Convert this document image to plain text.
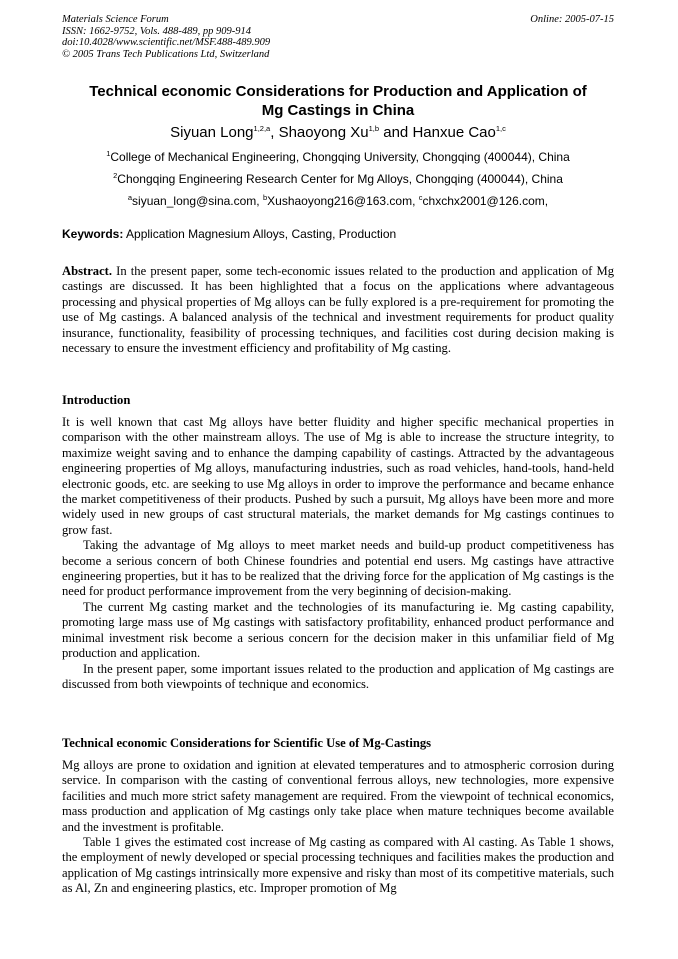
Materials Science Forum
ISSN: 1662-9752, Vols. 488-489, pp 909-914
doi:10.4028/www.scientific.net/MSF.488-489.909
© 2005 Trans Tech Publications Ltd, Switzerland
Online: 2005-07-15
Technical economic Considerations for Production and Application of
Mg Castings in China
Siyuan Long$^{1,2,a}$, Shaoyong Xu$^{1,b}$ and Hanxue Cao$^{1,c}$
$^1$College of Mechanical Engineering, Chongqing University, Chongqing (400044), China
$^2$Chongqing Engineering Research Center for Mg Alloys, Chongqing (400044), China
$^a$siyuan_long@sina.com, $^b$Xushaoyong216@163.com, $^c$chxchx2001@126.com,
Keywords: Application Magnesium Alloys, Casting, Production
Abstract. In the present paper, some tech-economic issues related to the production and application of Mg castings are discussed. It has been highlighted that a focus on the applications where advantageous processing and physical properties of Mg alloys can be fully explored is a pre-requirement for promoting the use of Mg castings. A balanced analysis of the technical and investment requirements for product quality insurance, functionality, feasibility of processing techniques, and facilities cost during decision making is necessary to ensure the investment efficiency and profitability of Mg casting.
Introduction

It is well known that cast Mg alloys have better fluidity and higher specific mechanical properties in comparison with the other mainstream alloys. The use of Mg is able to increase the structure integrity, to maximize weight saving and to enhance the damping capability of castings. Attracted by the advantageous engineering properties of Mg alloys, manufacturing industries, such as road vehicles, hand-tools, hand-held electronic goods, etc. are seeking to use Mg alloys in order to improve the performance and became enhance the market competitiveness of their products. Pushed by such a pursuit, Mg alloys have been more and more widely used in new groups of cast structural materials, the market demands for Mg castings continues to grow fast.

Taking the advantage of Mg alloys to meet market needs and build-up product competitiveness has become a serious concern of both Chinese foundries and potential end users. Mg castings have attractive engineering properties, but it has to be realized that the driving force for the application of Mg castings is the need for product performance improvement from the very beginning of decision-making.

The current Mg casting market and the technologies of its manufacturing ie. Mg casting capability, promoting large mass use of Mg castings with satisfactory profitability, enhanced product performance and minimal investment risk become a serious concern for the decision maker in this unfamiliar field of Mg production and application.

In the present paper, some important issues related to the production and application of Mg castings are discussed from both viewpoints of technique and economics.

Technical economic Considerations for Scientific Use of Mg-Castings

Mg alloys are prone to oxidation and ignition at elevated temperatures and to atmospheric corrosion during service. In comparison with the casting of conventional ferrous alloys, new technologies, more expensive facilities and much more strict safety management are required. From the viewpoint of technical economics, mass production and application of Mg castings only take place when mature techniques become available and the investment is profitable.

Table 1 gives the estimated cost increase of Mg casting as compared with Al casting. As Table 1 shows, the employment of newly developed or special processing techniques and facilities makes the production and application of Mg castings intrinsically more expensive and risky than most of its competitive materials, such as Al, Zn and engineering plastics, etc. Improper promotion of Mg
